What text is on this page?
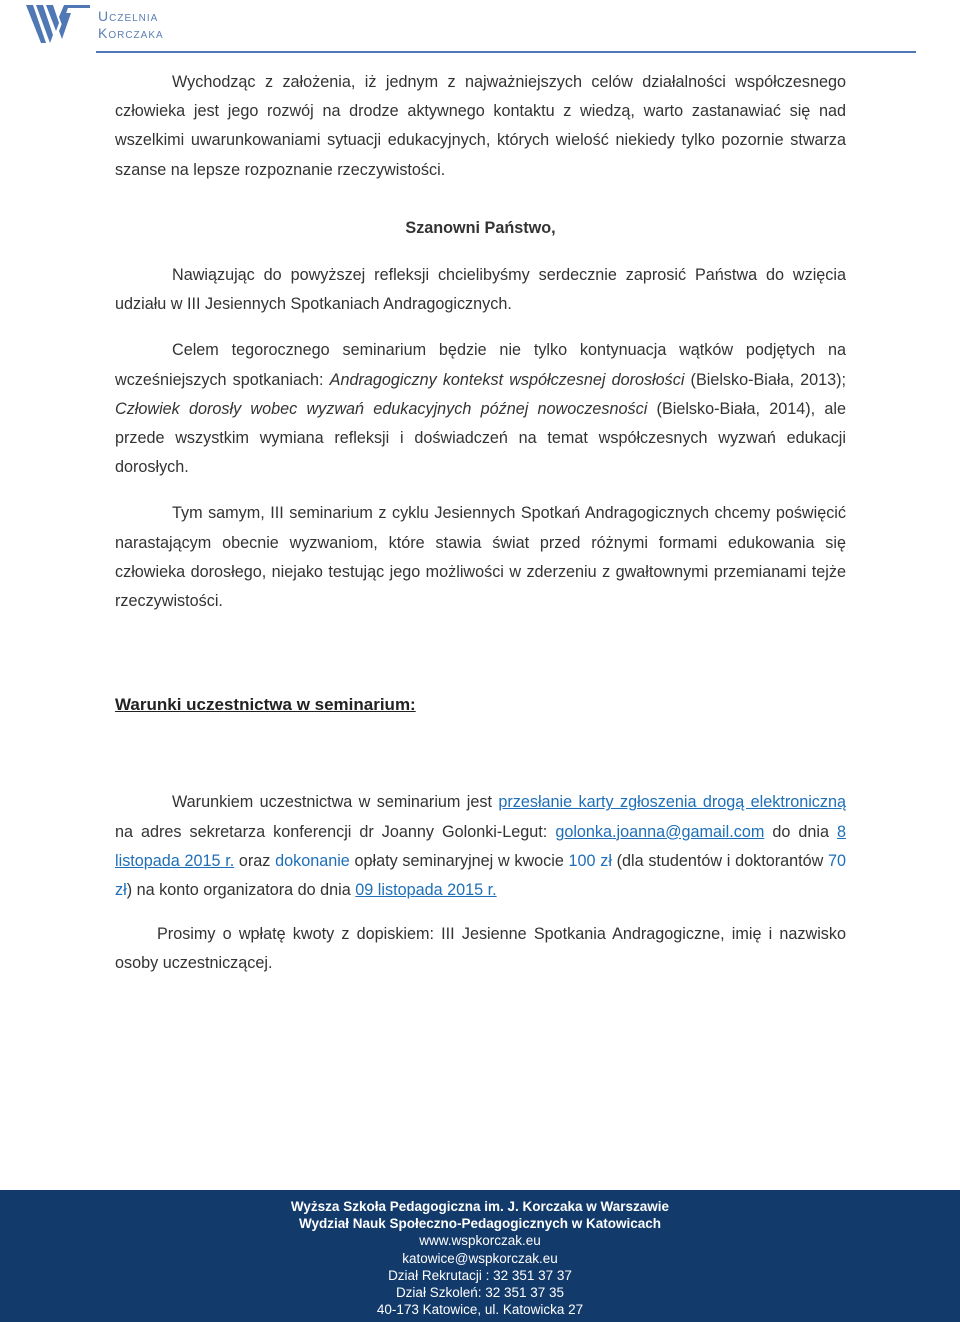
Uczelnia
Korczaka

Wychodząc z założenia, iż jednym z najważniejszych celów działalności współczesnego człowieka jest jego rozwój na drodze aktywnego kontaktu z wiedzą, warto zastanawiać się nad wszelkimi uwarunkowaniami sytuacji edukacyjnych, których wielość niekiedy tylko pozornie stwarza szanse na lepsze rozpoznanie rzeczywistości.

Szanowni Państwo,

Nawiązując do powyższej refleksji chcielibyśmy serdecznie zaprosić Państwa do wzięcia udziału w III Jesiennych Spotkaniach Andragogicznych.

Celem tegorocznego seminarium będzie nie tylko kontynuacja wątków podjętych na wcześniejszych spotkaniach: Andragogiczny kontekst współczesnej dorosłości (Bielsko-Biała, 2013); Człowiek dorosły wobec wyzwań edukacyjnych późnej nowoczesności (Bielsko-Biała, 2014), ale przede wszystkim wymiana refleksji i doświadczeń na temat współczesnych wyzwań edukacji dorosłych.

Tym samym, III seminarium z cyklu Jesiennych Spotkań Andragogicznych chcemy poświęcić narastającym obecnie wyzwaniom, które stawia świat przed różnymi formami edukowania się człowieka dorosłego, niejako testując jego możliwości w zderzeniu z gwałtownymi przemianami tejże rzeczywistości.

Warunki uczestnictwa w seminarium:

Warunkiem uczestnictwa w seminarium jest przesłanie karty zgłoszenia drogą elektroniczną na adres sekretarza konferencji dr Joanny Golonki-Legut: golonka.joanna@gamail.com do dnia 8 listopada 2015 r. oraz dokonanie opłaty seminaryjnej w kwocie 100 zł (dla studentów i doktorantów 70 zł) na konto organizatora do dnia 09 listopada 2015 r.

Prosimy o wpłatę kwoty z dopiskiem: III Jesienne Spotkania Andragogiczne, imię i nazwisko osoby uczestniczącej.

Wyższa Szkoła Pedagogiczna im. J. Korczaka w Warszawie
Wydział Nauk Społeczno-Pedagogicznych w Katowicach
www.wspkorczak.eu
katowice@wspkorczak.eu
Dział Rekrutacji : 32 351 37 37
Dział Szkoleń: 32 351 37 35
40-173 Katowice, ul. Katowicka 27
